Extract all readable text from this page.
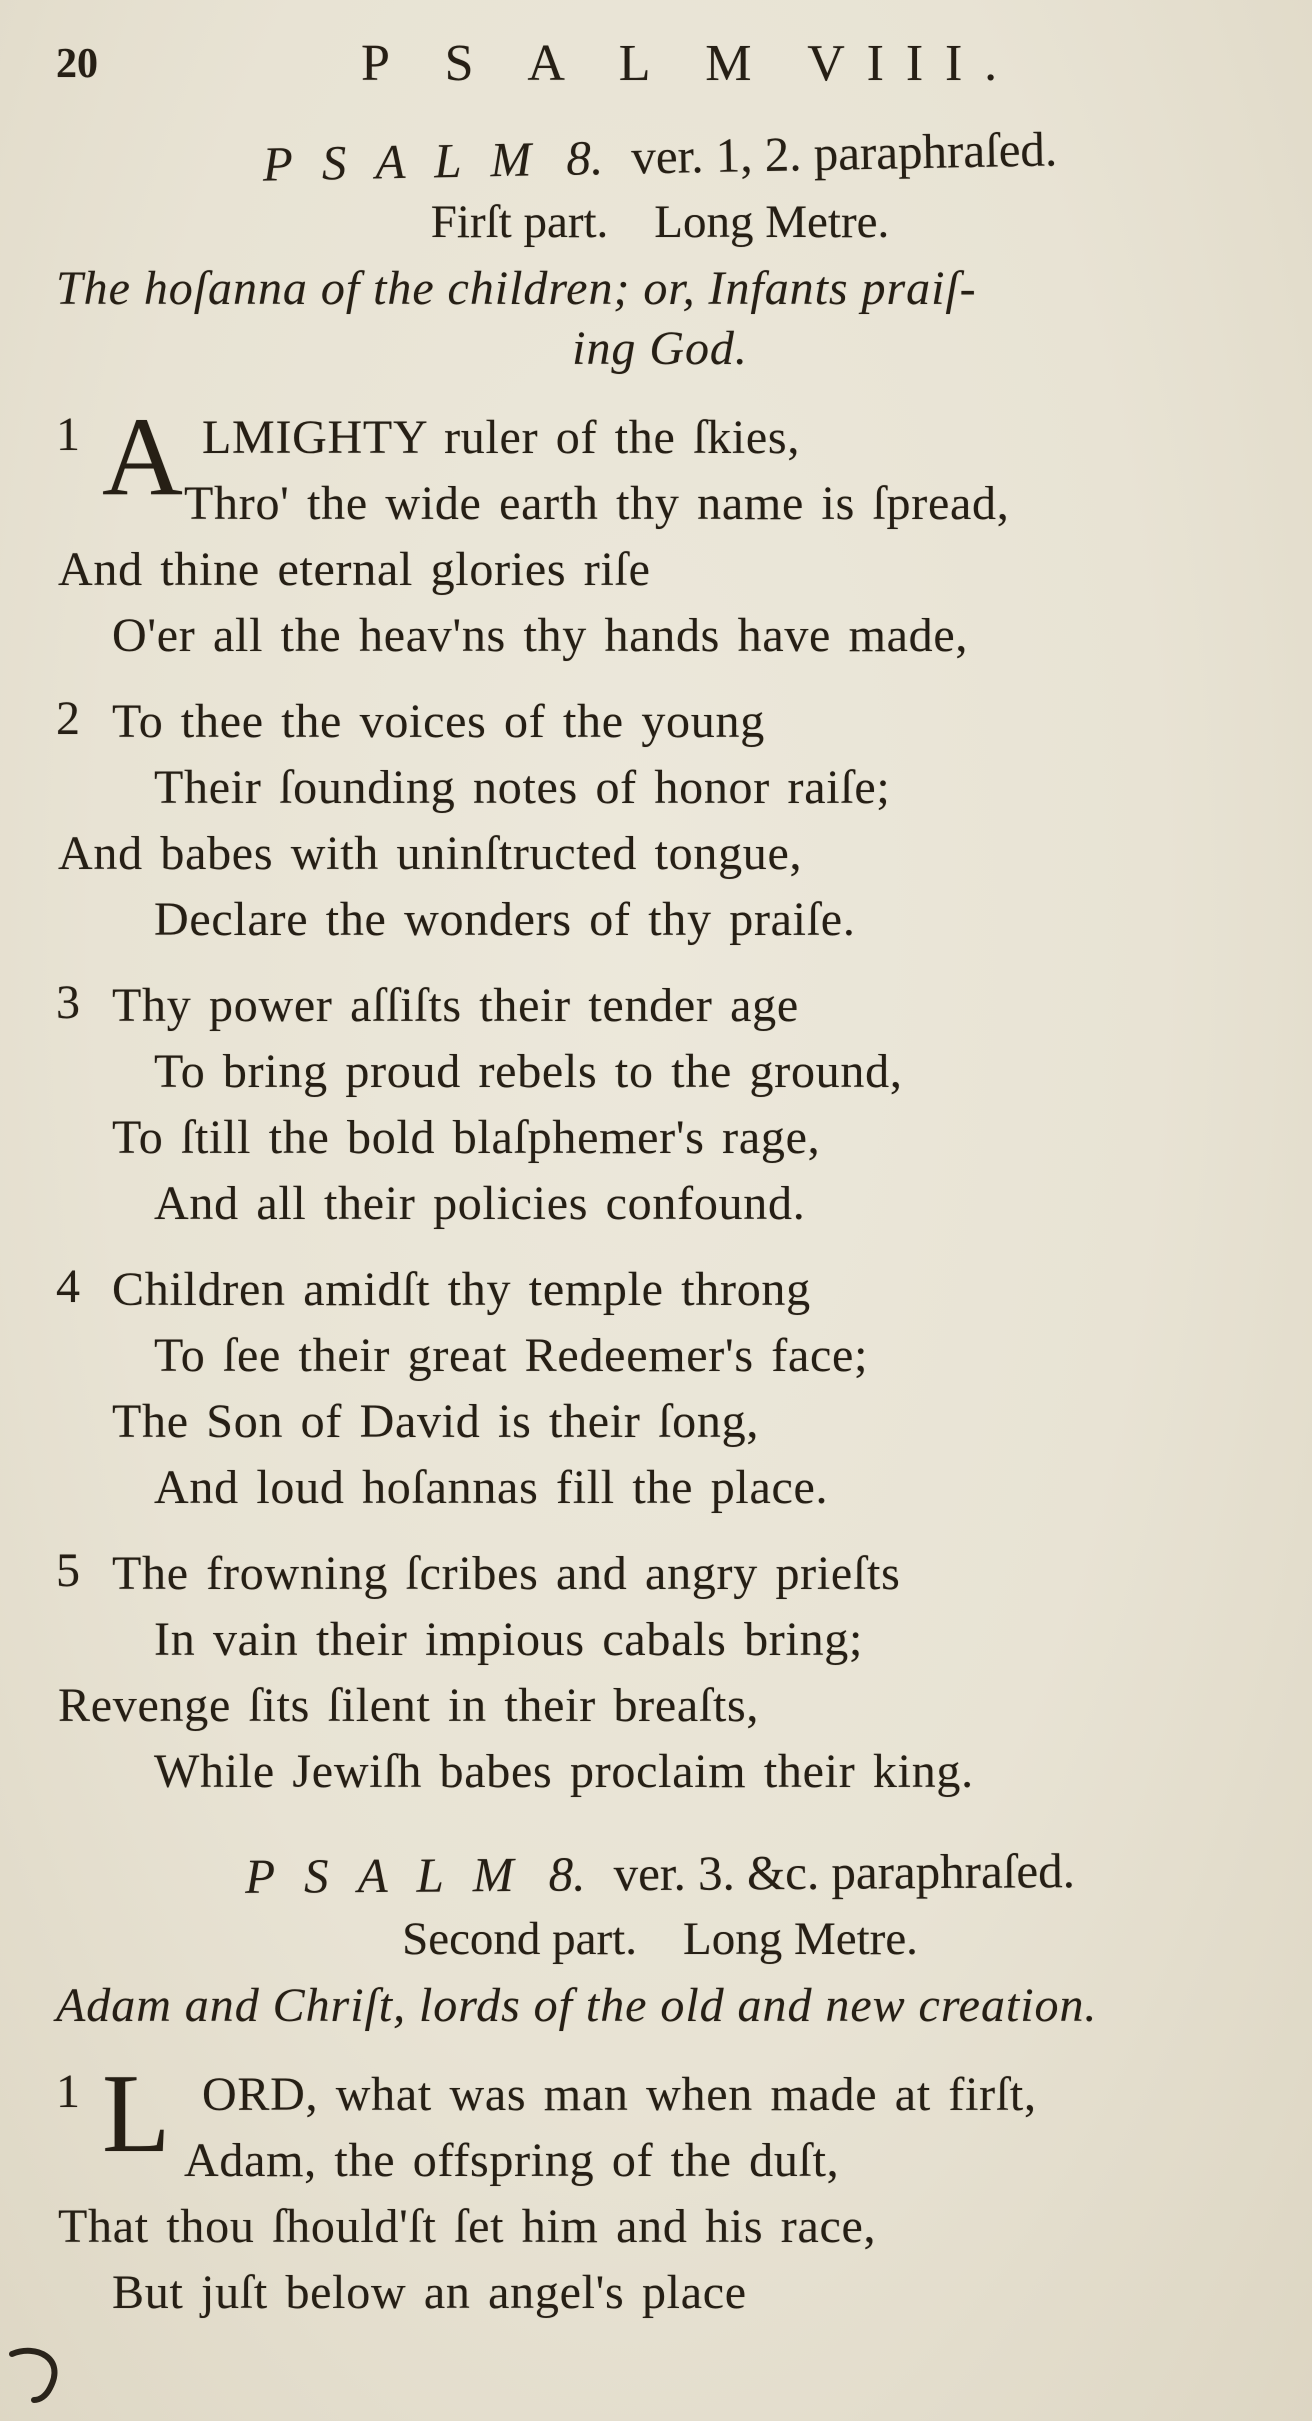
20	P S A L M VIII.
P S A L M 8. ver. 1, 2. paraphraſed.
Firſt part. Long Metre.
The hoſanna of the children; or, Infants praiſ-
ing God.
1 A LMIGHTY ruler of the ſkies,
Thro' the wide earth thy name is ſpread,
And thine eternal glories riſe
O'er all the heav'ns thy hands have made,
2 To thee the voices of the young
Their ſounding notes of honor raiſe;
And babes with uninſtructed tongue,
Declare the wonders of thy praiſe.
3 Thy power aſſiſts their tender age
To bring proud rebels to the ground,
To ſtill the bold blaſphemer's rage,
And all their policies confound.
4 Children amidſt thy temple throng
To ſee their great Redeemer's face;
The Son of David is their ſong,
And loud hoſannas fill the place.
5 The frowning ſcribes and angry prieſts
In vain their impious cabals bring;
Revenge ſits ſilent in their breaſts,
While Jewiſh babes proclaim their king.
P S A L M 8. ver. 3. &c. paraphraſed.
Second part. Long Metre.
Adam and Chriſt, lords of the old and new creation.
1 L ORD, what was man when made at firſt,
Adam, the offspring of the duſt,
That thou ſhould'ſt ſet him and his race,
But juſt below an angel's place
